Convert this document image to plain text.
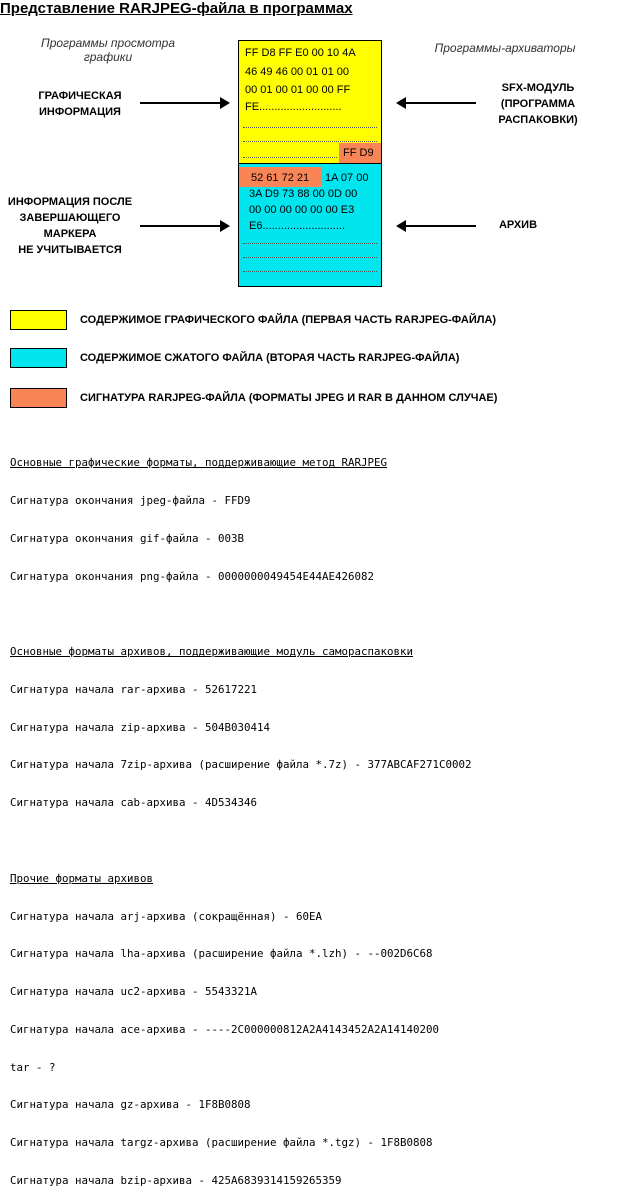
Представление RARJPEG-файла в программах
Программы просмотра
графики
Программы-архиваторы
ГРАФИЧЕСКАЯ
ИНФОРМАЦИЯ
ИНФОРМАЦИЯ ПОСЛЕ
ЗАВЕРШАЮЩЕГО
МАРКЕРА
НЕ УЧИТЫВАЕТСЯ
SFX-МОДУЛЬ
(ПРОГРАММА
РАСПАКОВКИ)
АРХИВ
FF D8 FF E0 00 10 4A
46 49 46 00 01 01 00
00 01 00 01 00 00 FF
FE...........................
FF D9
52 61 72 21 1A 07 00
3A D9 73 88 00 0D 00
00 00 00 00 00 00 E3
E6...........................
СОДЕРЖИМОЕ ГРАФИЧЕСКОГО ФАЙЛА (ПЕРВАЯ ЧАСТЬ RARJPEG-ФАЙЛА)
СОДЕРЖИМОЕ СЖАТОГО ФАЙЛА (ВТОРАЯ ЧАСТЬ RARJPEG-ФАЙЛА)
СИГНАТУРА RARJPEG-ФАЙЛА (ФОРМАТЫ JPEG И RAR В ДАННОМ СЛУЧАЕ)

Основные графические форматы, поддерживающие метод RARJPEG

Сигнатура окончания jpeg-файла - FFD9

Сигнатура окончания gif-файла - 003B

Сигнатура окончания png-файла - 0000000049454E44AE426082

Основные форматы архивов, поддерживающие модуль самораспаковки

Сигнатура начала rar-архива - 52617221

Сигнатура начала zip-архива - 504B030414

Сигнатура начала 7zip-архива (расширение файла *.7z) - 377ABCAF271C0002

Сигнатура начала cab-архива - 4D534346

Прочие форматы архивов

Сигнатура начала arj-архива (сокращённая) - 60EA

Сигнатура начала lha-архива (расширение файла *.lzh) - --002D6C68

Сигнатура начала uc2-архива - 5543321A

Сигнатура начала ace-архива - ----2C000000812A2A4143452A2A14140200

tar - ?

Сигнатура начала gz-архива - 1F8B0808

Сигнатура начала targz-архива (расширение файла *.tgz) - 1F8B0808

Сигнатура начала bzip-архива - 425A6839314159265359
